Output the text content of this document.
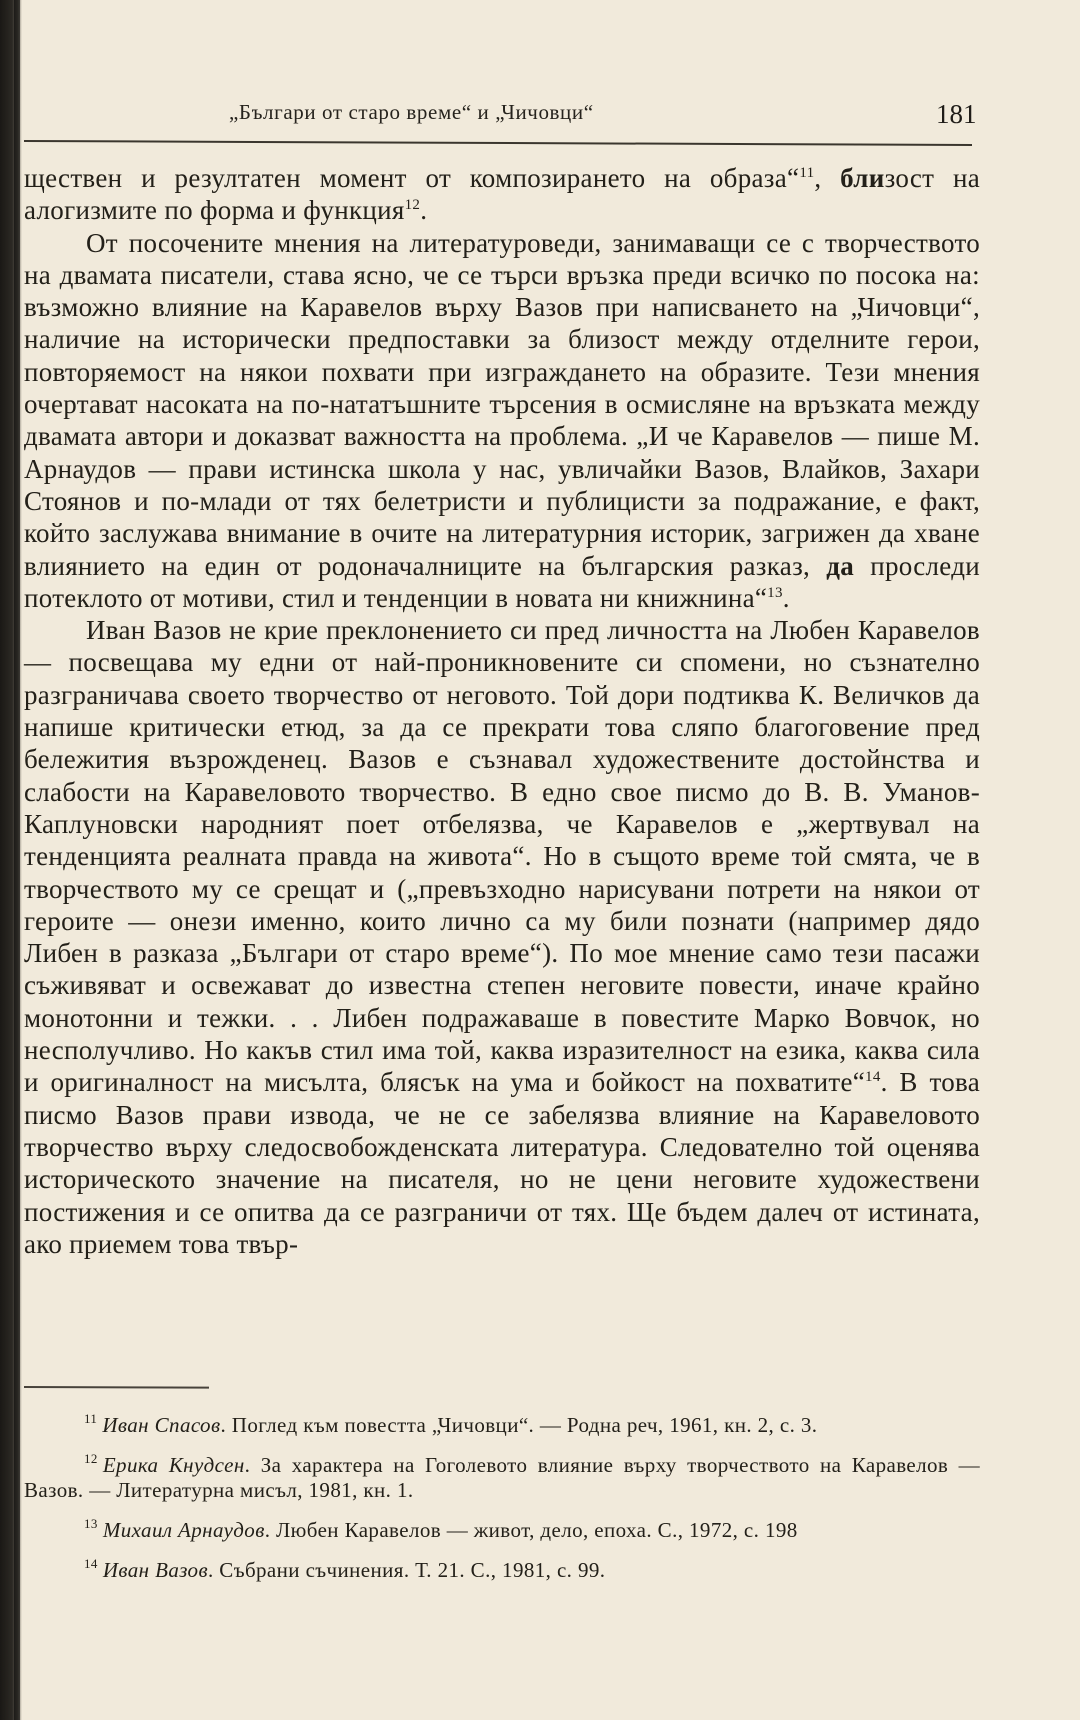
„Българи от старо време“ и „Чичовци“	181

ществен и резултатен момент от композирането на образа“$^{11}$, близост на алогизмите по форма и функция$^{12}$.

От посочените мнения на литературоведи, занимаващи се с творчеството на двамата писатели, става ясно, че се търси връзка преди всичко по посока на: възможно влияние на Каравелов върху Вазов при написването на „Чичовци“, наличие на исторически предпоставки за близост между отделните герои, повторяемост на някои похвати при изграждането на образите. Тези мнения очертават насоката на по-нататъшните търсения в осмисляне на връзката между двамата автори и доказват важността на проблема. „И че Каравелов — пише М. Арнаудов — прави истинска школа у нас, увличайки Вазов, Влайков, Захари Стоянов и по-млади от тях белетристи и публицисти за подражание, е факт, който заслужава внимание в очите на литературния историк, загрижен да хване влиянието на един от родоначалниците на българския разказ, да проследи потеклото от мотиви, стил и тенденции в новата ни книжнина“$^{13}$.

Иван Вазов не крие преклонението си пред личността на Любен Каравелов — посвещава му едни от най-проникновените си спомени, но съзнателно разграничава своето творчество от неговото. Той дори подтиква К. Величков да напише критически етюд, за да се прекрати това сляпо благоговение пред бележития възрожденец. Вазов е съзнавал художествените достойнства и слабости на Каравеловото творчество. В едно свое писмо до В. В. Уманов-Каплуновски народният поет отбелязва, че Каравелов е „жертвувал на тенденцията реалната правда на живота“. Но в същото време той смята, че в творчеството му се срещат и („превъзходно нарисувани потрети на някои от героите — онези именно, които лично са му били познати (например дядо Либен в разказа „Българи от старо време“). По мое мнение само тези пасажи съживяват и освежават до известна степен неговите повести, иначе крайно монотонни и тежки. . . Либен подражаваше в повестите Марко Вовчок, но несполучливо. Но какъв стил има той, каква изразителност на езика, каква сила и оригиналност на мисълта, блясък на ума и бойкост на похватите“$^{14}$. В това писмо Вазов прави извода, че не се забелязва влияние на Каравеловото творчество върху следосвобожденската литература. Следователно той оценява историческото значение на писателя, но не цени неговите художествени постижения и се опитва да се разграничи от тях. Ще бъдем далеч от истината, ако приемем това твър-

$^{11}$ Иван Спасов. Поглед към повестта „Чичовци“. — Родна реч, 1961, кн. 2, с. 3.

$^{12}$ Ерика Кнудсен. За характера на Гоголевото влияние върху творчеството на Каравелов — Вазов. — Литературна мисъл, 1981, кн. 1.

$^{13}$ Михаил Арнаудов. Любен Каравелов — живот, дело, епоха. С., 1972, с. 198

$^{14}$ Иван Вазов. Събрани съчинения. Т. 21. С., 1981, с. 99.
